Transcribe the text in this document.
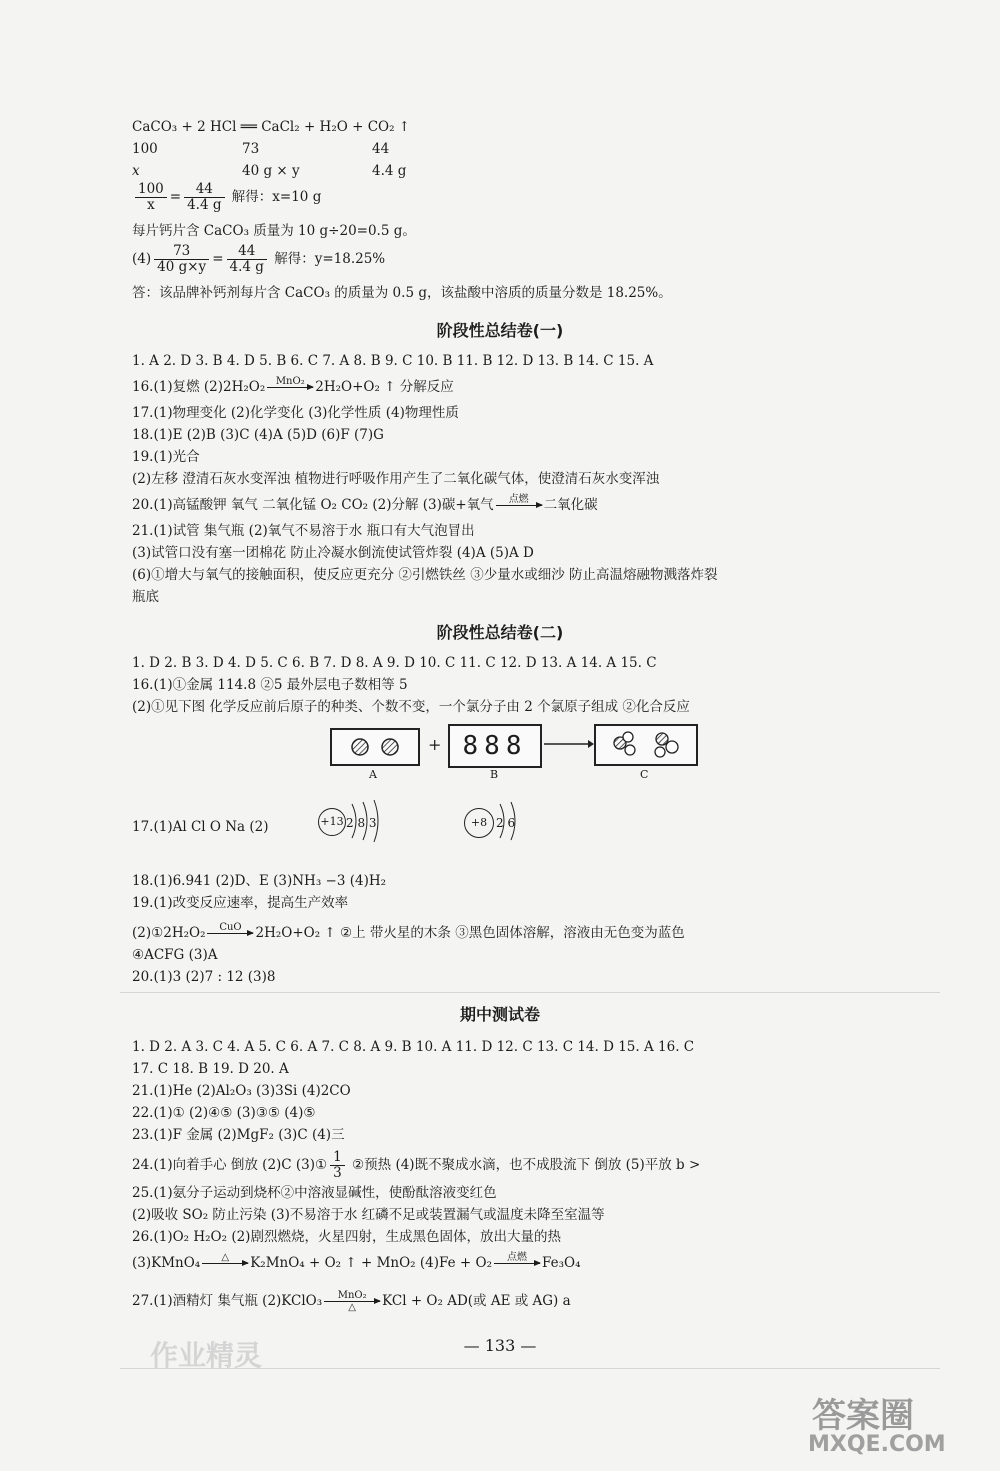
CaCO₃ + 2 HCl ══ CaCl₂ + H₂O + CO₂ ↑
100	73	44
x	40 g × y	4.4 g
$\frac{100}{x} = \frac{44}{4.4 g}$ 解得：x=10 g
每片钙片含 CaCO₃ 质量为 10 g÷20=0.5 g。
$(4) \frac{73}{40 g\times y} = \frac{44}{4.4 g}$ 解得：y=18.25%
答：该品牌补钙剂每片含 CaCO₃ 的质量为 0.5 g，该盐酸中溶质的质量分数是 18.25%。
阶段性总结卷(一)
1. A 2. D 3. B 4. D 5. B 6. C 7. A 8. B 9. C 10. B 11. B 12. D 13. B 14. C 15. A
16.(1)复燃 (2)2H₂O₂	MnO₂
2H₂O+O₂ ↑ 分解反应
17.(1)物理变化 (2)化学变化 (3)化学性质 (4)物理性质
18.(1)E (2)B (3)C (4)A (5)D (6)F (7)G
19.(1)光合
(2)左移 澄清石灰水变浑浊 植物进行呼吸作用产生了二氧化碳气体，使澄清石灰水变浑浊
20.(1)高锰酸钾 氧气 二氧化锰 O₂ CO₂ (2)分解 (3)碳+氧气	点燃
	二氧化碳
21.(1)试管 集气瓶 (2)氧气不易溶于水 瓶口有大气泡冒出
(3)试管口没有塞一团棉花 防止冷凝水倒流使试管炸裂 (4)A (5)A D
(6)①增大与氧气的接触面积，使反应更充分 ②引燃铁丝 ③少量水或细沙 防止高温熔融物溅落炸裂
瓶底
阶段性总结卷(二)
1. D 2. B 3. D 4. D 5. C 6. B 7. D 8. A 9. D 10. C 11. C 12. D 13. A 14. A 15. C
16.(1)①金属 114.8 ②5 最外层电子数相等 5
(2)①见下图 化学反应前后原子的种类、个数不变，一个氯分子由 2 个氯原子组成 ②化合反应
A
+ 888
B	C
17.(1)Al Cl O Na (2)	+13 2 8 3	+8 2 6
18.(1)6.941 (2)D、E (3)NH₃ −3 (4)H₂
19.(1)改变反应速率，提高生产效率
(2)①2H₂O₂	CuO
	2H₂O+O₂ ↑ ②上 带火星的木条 ③黑色固体溶解，溶液由无色变为蓝色
④ACFG (3)A
20.(1)3 (2)7 : 12 (3)8
期中测试卷
1. D 2. A 3. C 4. A 5. C 6. A 7. C 8. A 9. B 10. A 11. D 12. C 13. C 14. D 15. A 16. C
17. C 18. B 19. D 20. A
21.(1)He (2)Al₂O₃ (3)3Si (4)2CO
22.(1)① (2)④⑤ (3)③⑤ (4)⑤
23.(1)F 金属 (2)MgF₂ (3)C (4)三
24.(1)向着手心 倒放 (2)C (3)① $\frac{1}{3}$ ②预热 (4)既不聚成水滴，也不成股流下 倒放 (5)平放 b >
25.(1)氨分子运动到烧杯②中溶液显碱性，使酚酞溶液变红色
(2)吸收 SO₂ 防止污染 (3)不易溶于水 红磷不足或装置漏气或温度未降至室温等
26.(1)O₂ H₂O₂ (2)剧烈燃烧，火星四射，生成黑色固体，放出大量的热
(3)KMnO₄	△
	K₂MnO₄ + O₂ ↑ + MnO₂ (4)Fe + O₂	点燃
	Fe₃O₄
27.(1)酒精灯 集气瓶 (2)KClO₃	MnO₂
△	KCl + O₂ AD(或 AE 或 AG) a
— 133 —
作业精灵
答案圈
MXQE.COM
